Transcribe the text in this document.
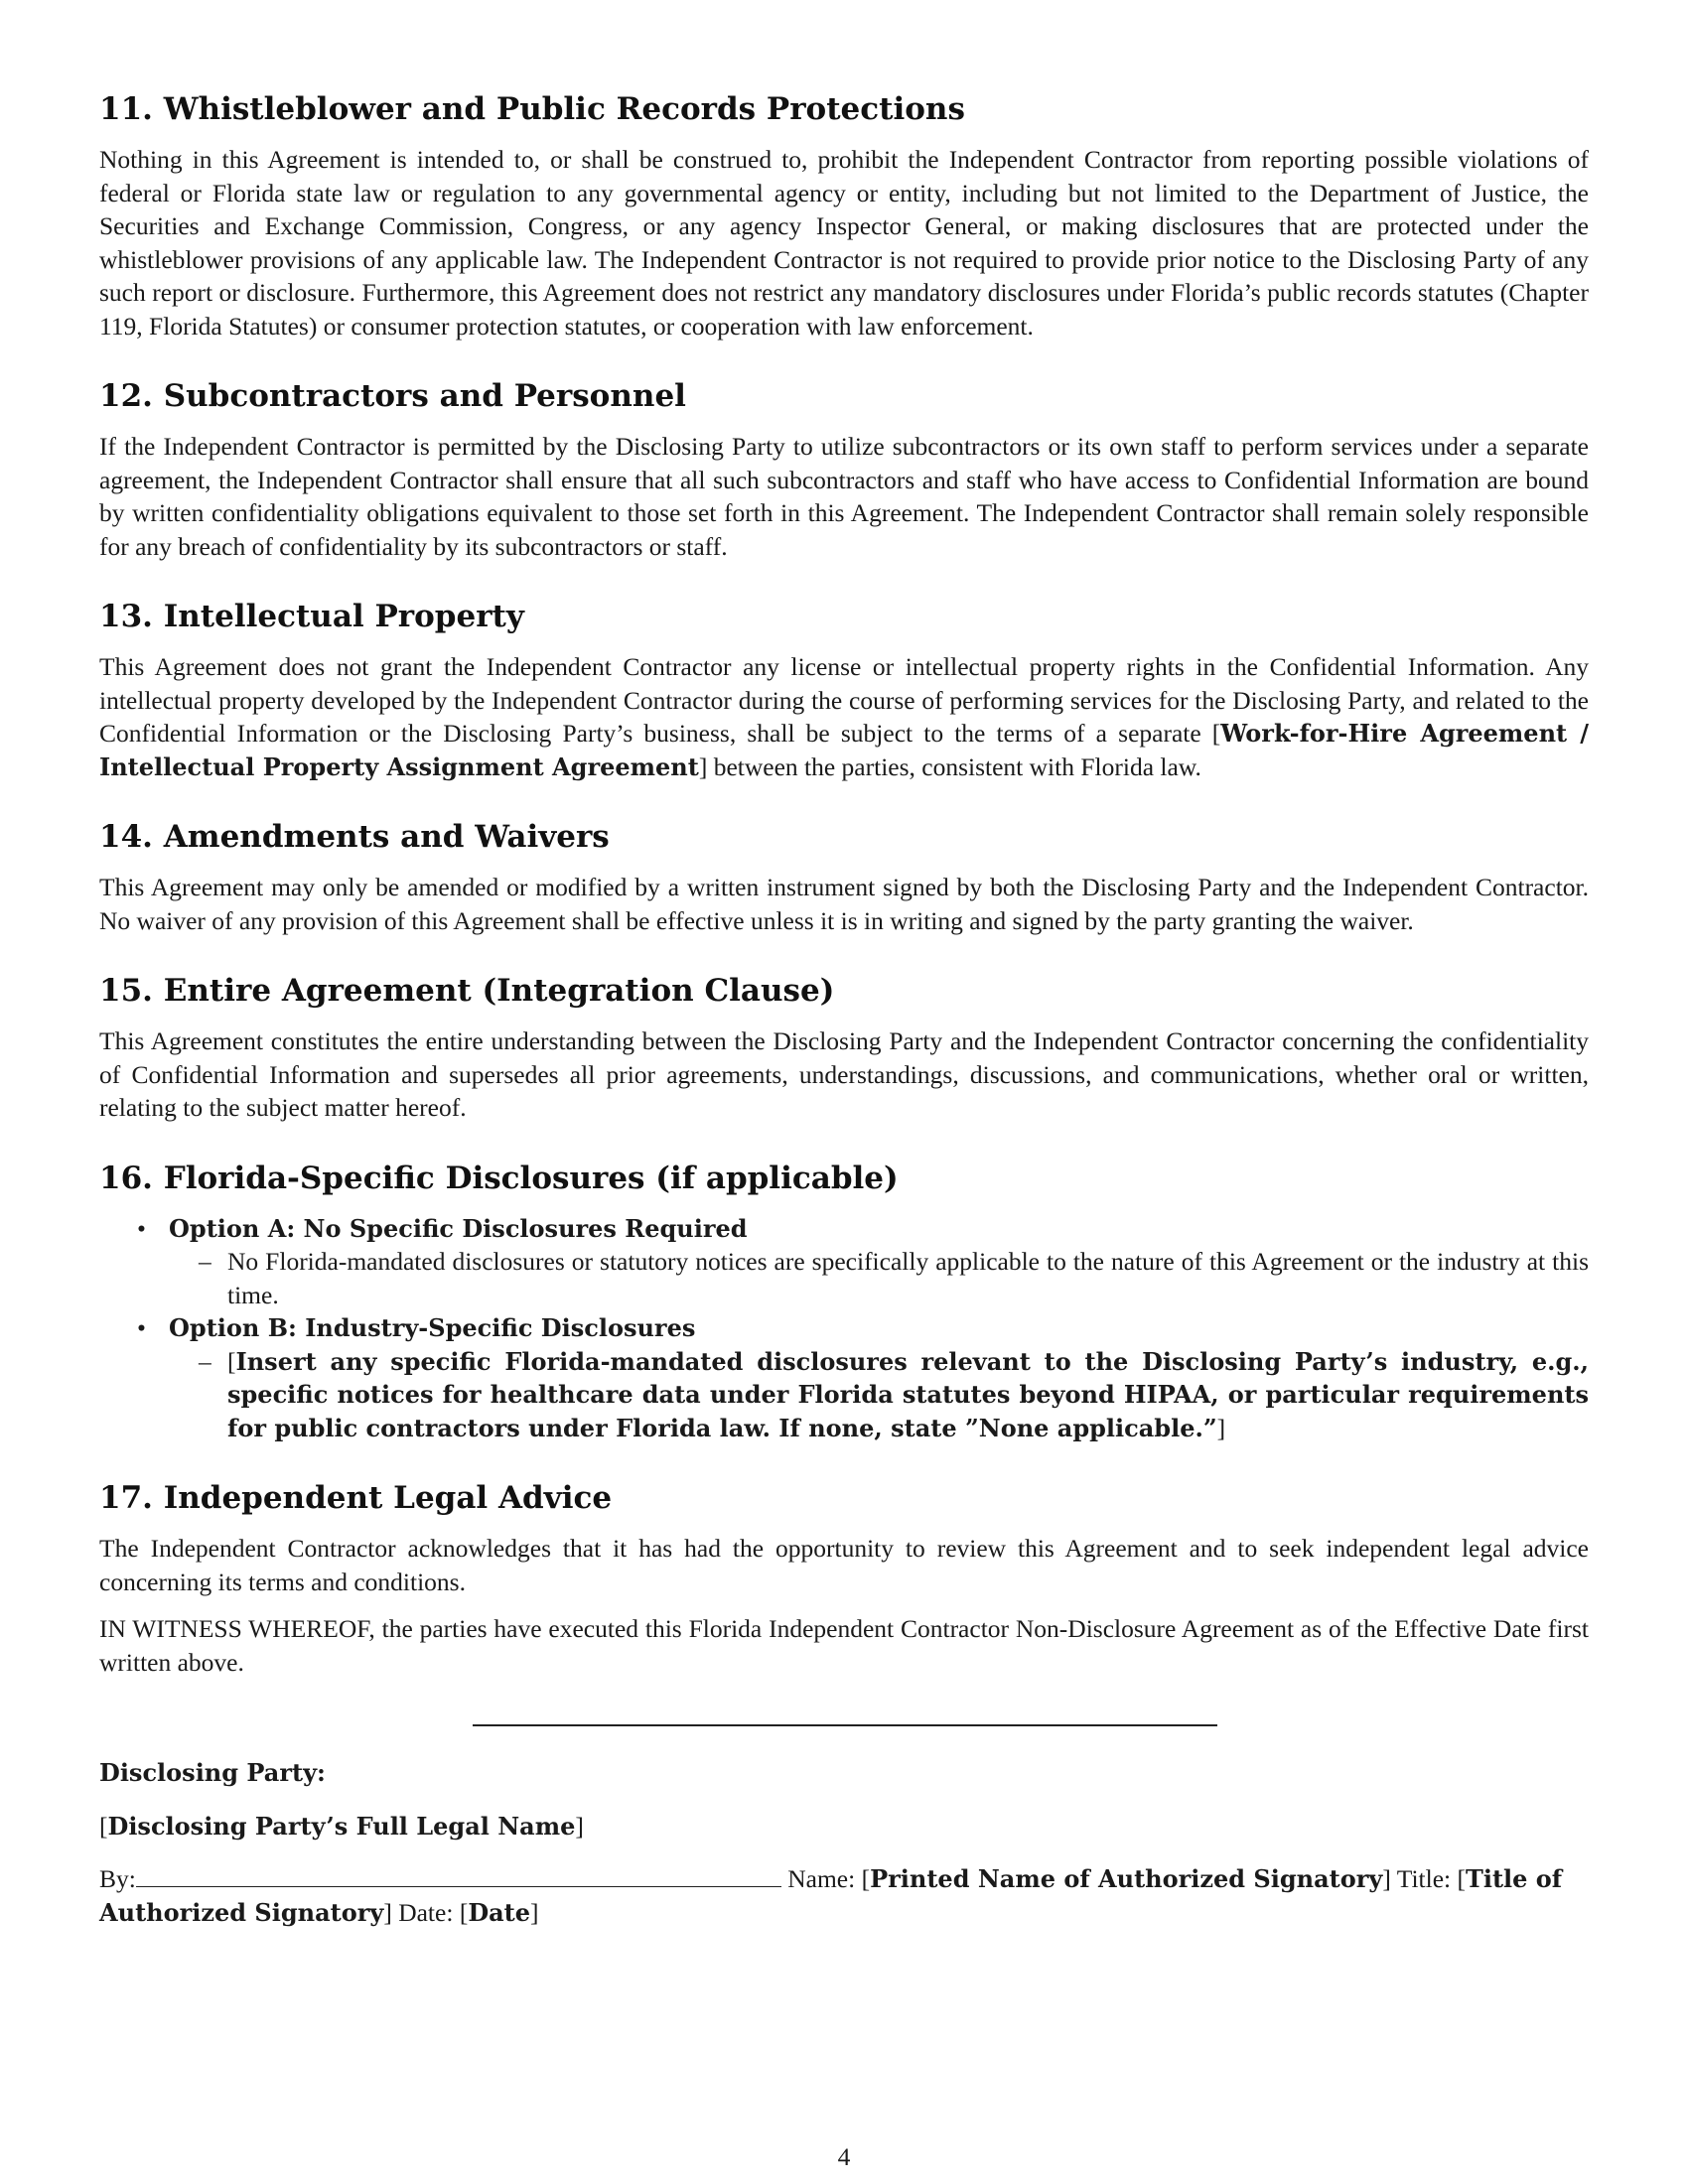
11. Whistleblower and Public Records Protections

Nothing in this Agreement is intended to, or shall be construed to, prohibit the Independent Contractor from reporting possible violations of federal or Florida state law or regulation to any governmental agency or entity, including but not limited to the Department of Justice, the Securities and Exchange Commission, Congress, or any agency Inspector General, or making disclosures that are protected under the whistleblower provisions of any applicable law. The Independent Contractor is not required to provide prior notice to the Disclosing Party of any such report or disclosure. Furthermore, this Agreement does not restrict any mandatory disclosures under Florida’s public records statutes (Chapter 119, Florida Statutes) or consumer protection statutes, or cooperation with law enforcement.

12. Subcontractors and Personnel

If the Independent Contractor is permitted by the Disclosing Party to utilize subcontractors or its own staff to perform services under a separate agreement, the Independent Contractor shall ensure that all such subcontractors and staff who have access to Confidential Information are bound by written confidentiality obligations equivalent to those set forth in this Agreement. The Independent Contractor shall remain solely responsible for any breach of confidentiality by its subcontractors or staff.

13. Intellectual Property

This Agreement does not grant the Independent Contractor any license or intellectual property rights in the Confidential Information. Any intellectual property developed by the Independent Contractor during the course of performing services for the Disclosing Party, and related to the Confidential Information or the Disclosing Party’s business, shall be subject to the terms of a separate [Work-for-Hire Agreement / Intellectual Property Assignment Agreement] between the parties, consistent with Florida law.

14. Amendments and Waivers

This Agreement may only be amended or modified by a written instrument signed by both the Disclosing Party and the Independent Contractor. No waiver of any provision of this Agreement shall be effective unless it is in writing and signed by the party granting the waiver.

15. Entire Agreement (Integration Clause)

This Agreement constitutes the entire understanding between the Disclosing Party and the Independent Contractor concerning the confidentiality of Confidential Information and supersedes all prior agreements, understandings, discussions, and communications, whether oral or written, relating to the subject matter hereof.

16. Florida-Specific Disclosures (if applicable)
• Option A: No Specific Disclosures Required
– No Florida-mandated disclosures or statutory notices are specifically applicable to the nature of this Agreement or the industry at this time.
• Option B: Industry-Specific Disclosures
– [Insert any specific Florida-mandated disclosures relevant to the Disclosing Party’s industry, e.g., specific notices for healthcare data under Florida statutes beyond HIPAA, or particular requirements for public contractors under Florida law. If none, state ”None applicable.”]
17. Independent Legal Advice

The Independent Contractor acknowledges that it has had the opportunity to review this Agreement and to seek independent legal advice concerning its terms and conditions.

IN WITNESS WHEREOF, the parties have executed this Florida Independent Contractor Non-Disclosure Agreement as of the Effective Date first written above.

Disclosing Party:

[Disclosing Party’s Full Legal Name]

By:	Name: [Printed Name of Authorized Signatory] Title: [Title of Authorized Signatory] Date: [Date]

4
